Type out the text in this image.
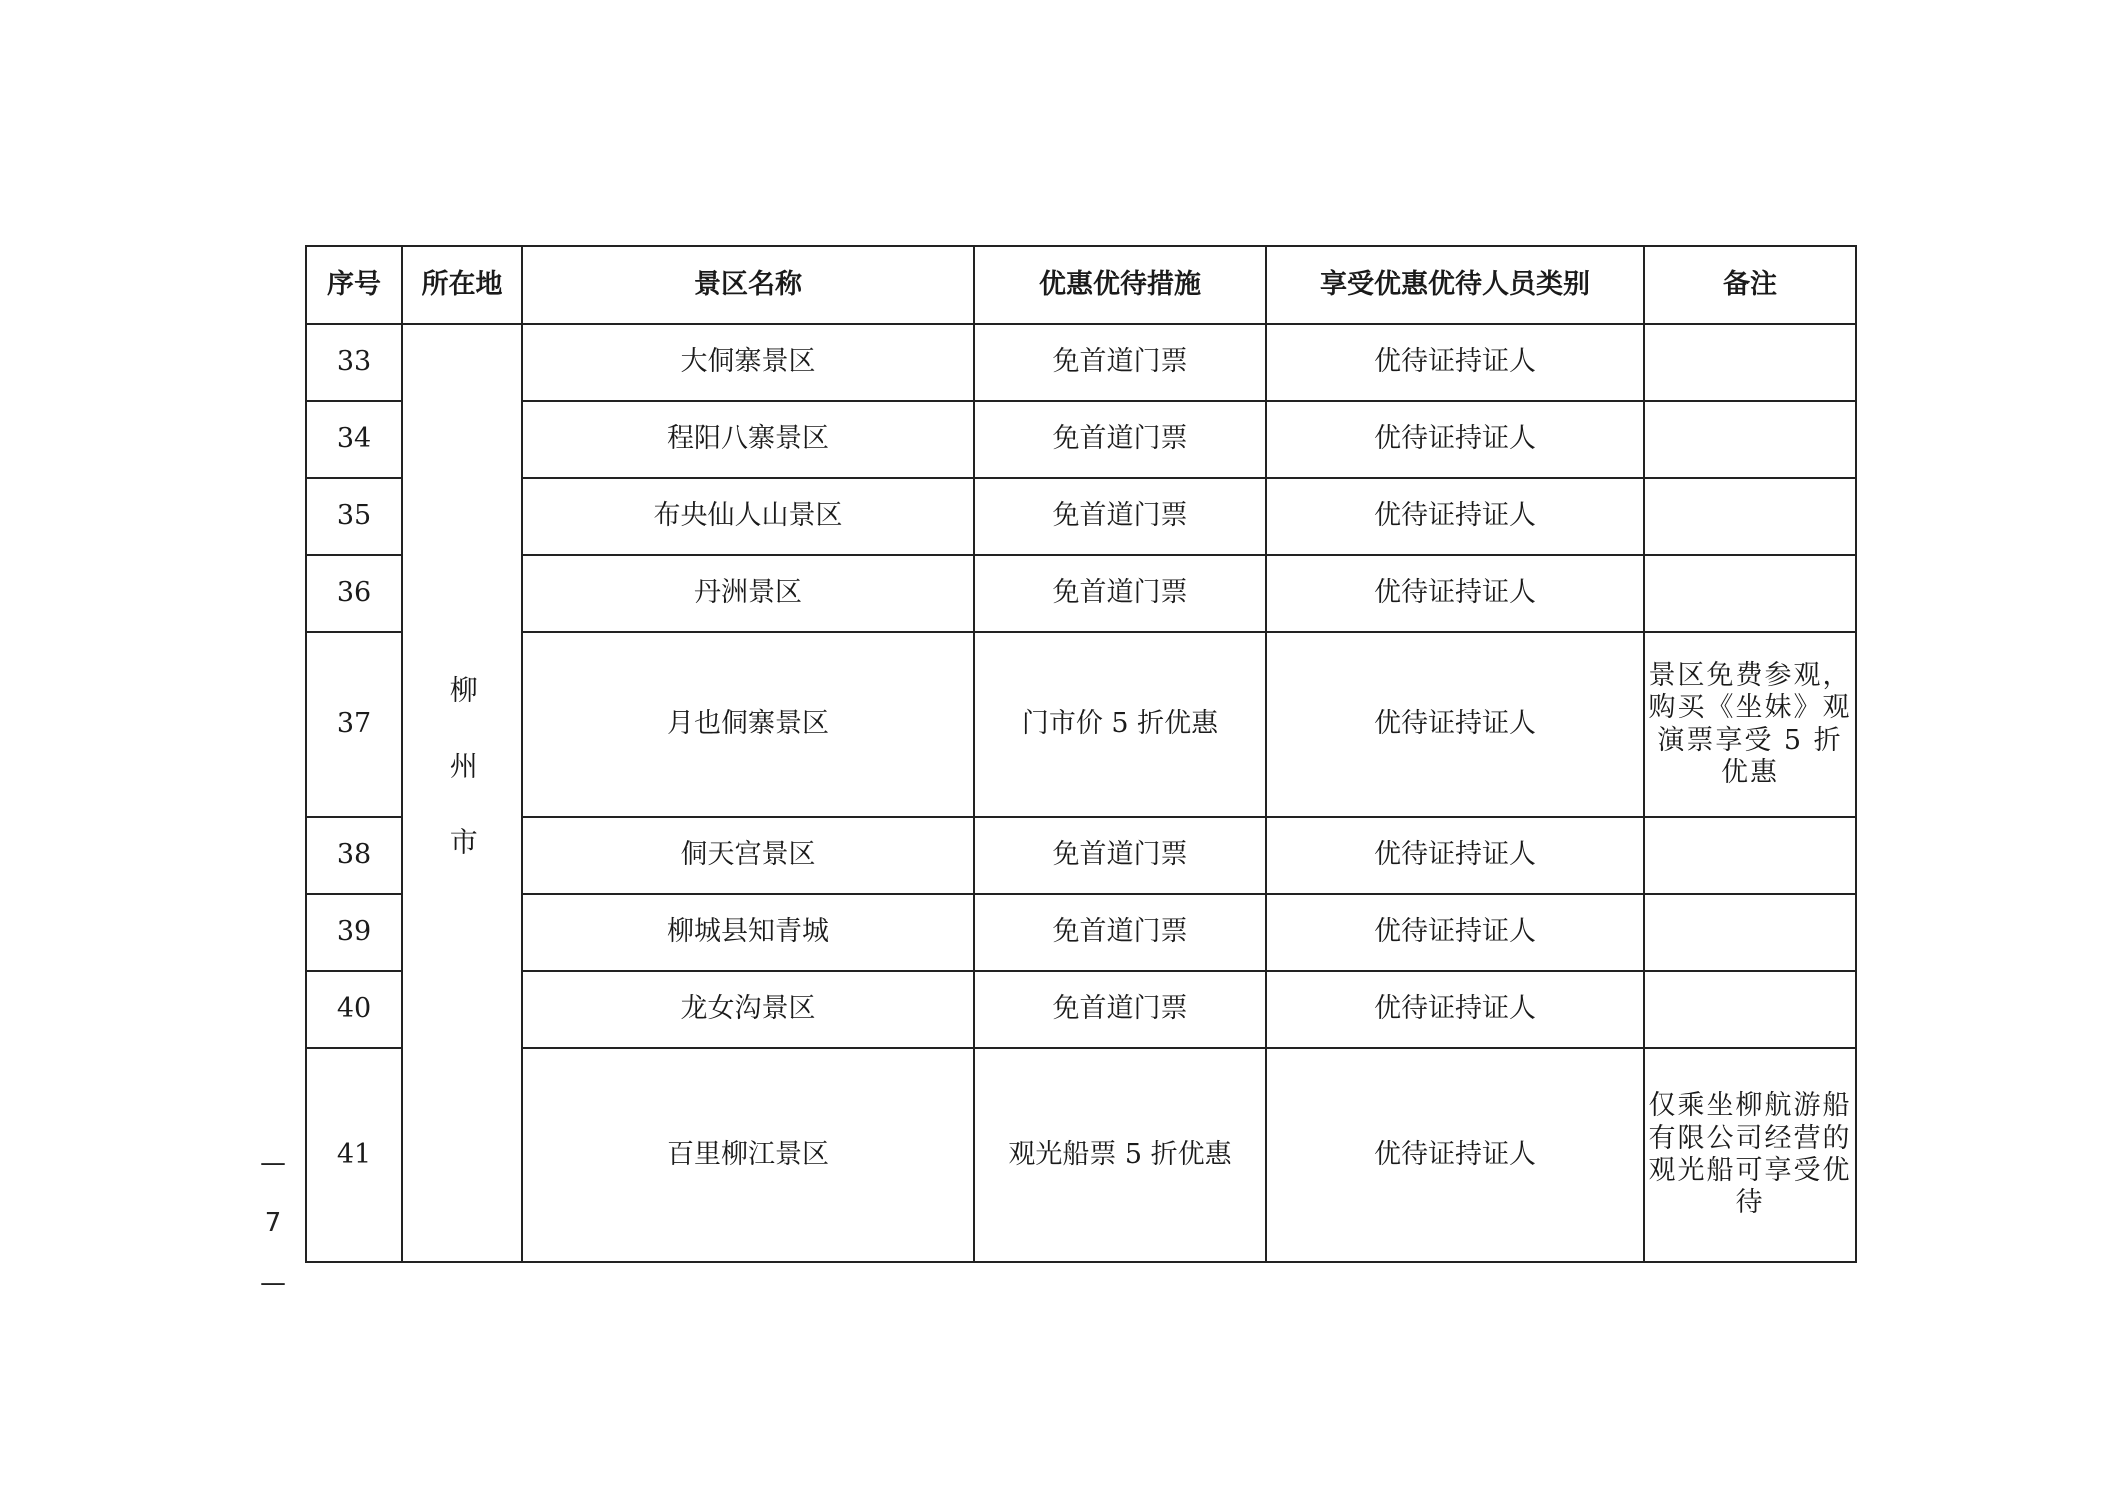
序号	所在地	景区名称	优惠优待措施	享受优惠优待人员类别	备注
33	柳州市	大侗寨景区	免首道门票	优待证持证人	
34		程阳八寨景区	免首道门票	优待证持证人	
35		布央仙人山景区	免首道门票	优待证持证人	
36		丹洲景区	免首道门票	优待证持证人	
37		月也侗寨景区	门市价 5 折优惠	优待证持证人	景区免费参观，购买《坐妹》观演票享受 5 折优惠
38		侗天宫景区	免首道门票	优待证持证人	
39		柳城县知青城	免首道门票	优待证持证人	
40		龙女沟景区	免首道门票	优待证持证人	
41		百里柳江景区	观光船票 5 折优惠	优待证持证人	仅乘坐柳航游船有限公司经营的观光船可享受优待
— 7 —
